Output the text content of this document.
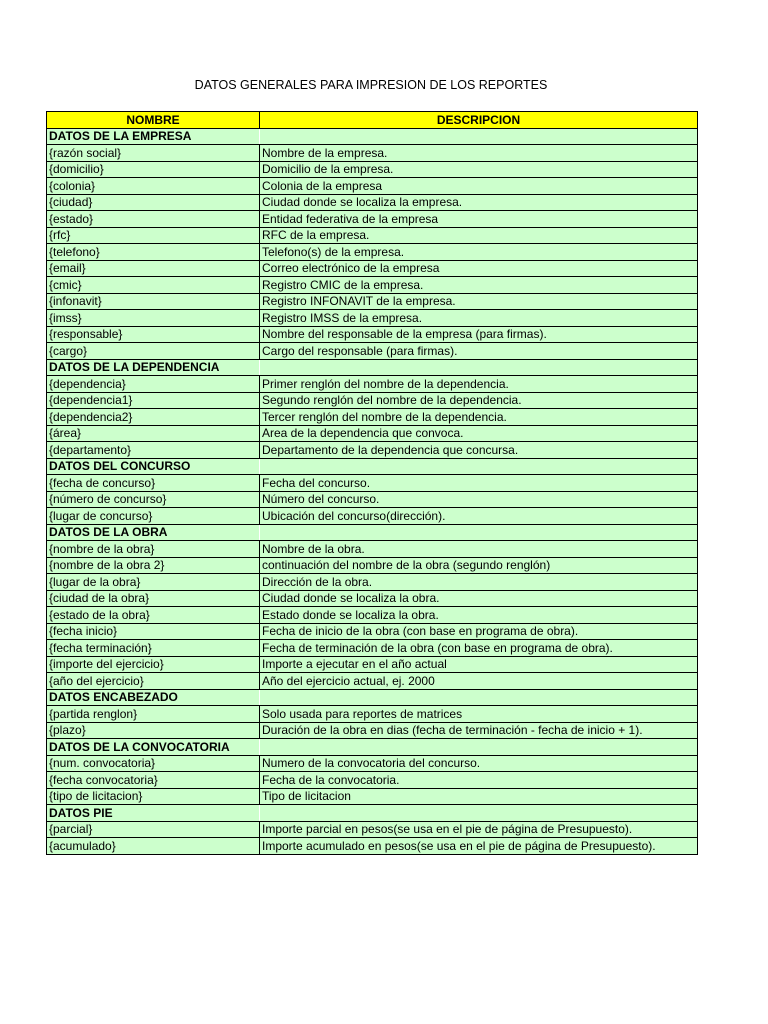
DATOS GENERALES PARA IMPRESION DE LOS REPORTES
NOMBRE	DESCRIPCION
DATOS DE LA EMPRESA	
{razón social}	Nombre de la empresa.
{domicilio}	Domicilio de la empresa.
{colonia}	Colonia de la empresa
{ciudad}	Ciudad donde se localiza la empresa.
{estado}	Entidad federativa de la empresa
{rfc}	RFC de la empresa.
{telefono}	Telefono(s) de la empresa.
{email}	Correo electrónico de la empresa
{cmic}	Registro CMIC de la empresa.
{infonavit}	Registro INFONAVIT de la empresa.
{imss}	Registro IMSS de la empresa.
{responsable}	Nombre del responsable de la empresa (para firmas).
{cargo}	Cargo del responsable (para firmas).
DATOS DE LA DEPENDENCIA	
{dependencia}	Primer renglón del nombre de la dependencia.
{dependencia1}	Segundo renglón del nombre de la dependencia.
{dependencia2}	Tercer renglón del nombre de la dependencia.
{área}	Area de la dependencia que convoca.
{departamento}	Departamento de la dependencia que concursa.
DATOS DEL CONCURSO	
{fecha de concurso}	Fecha del concurso.
{número de concurso}	Número del concurso.
{lugar de concurso}	Ubicación del concurso(dirección).
DATOS DE LA OBRA	
{nombre de la obra}	Nombre de la obra.
{nombre de la obra 2}	continuación del nombre de la obra (segundo renglón)
{lugar de la obra}	Dirección de la obra.
{ciudad de la obra}	Ciudad donde se localiza la obra.
{estado de la obra}	Estado donde se localiza la obra.
{fecha inicio}	Fecha de inicio de la obra (con base en programa de obra).
{fecha terminación}	Fecha de terminación de la obra (con base en programa de obra).
{importe del ejercicio}	Importe a ejecutar en el año actual
{año del ejercicio}	Año del ejercicio actual, ej. 2000
DATOS ENCABEZADO	
{partida renglon}	Solo usada para reportes de matrices
{plazo}	Duración de la obra en dias (fecha de terminación - fecha de inicio + 1).
DATOS DE LA CONVOCATORIA	
{num. convocatoria}	Numero de la convocatoria del concurso.
{fecha convocatoria}	Fecha de la convocatoria.
{tipo de licitacion}	Tipo de licitacion
DATOS PIE	
{parcial}	Importe parcial en pesos(se usa en el pie de página de Presupuesto).
{acumulado}	Importe acumulado en pesos(se usa en el pie de página de Presupuesto).
